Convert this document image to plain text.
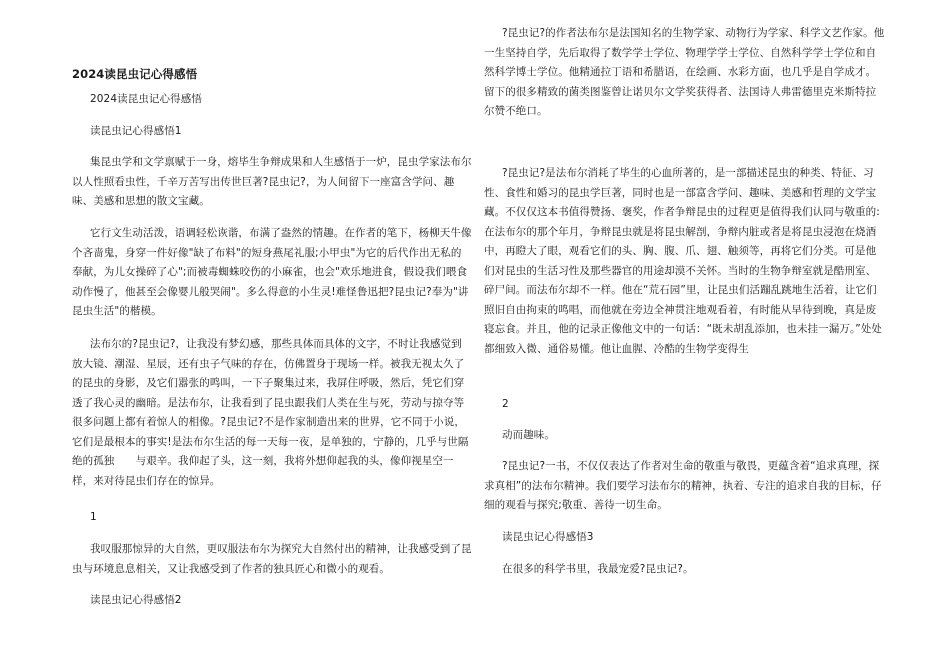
2024读昆虫记心得感悟

2024读昆虫记心得感悟

读昆虫记心得感悟1

集昆虫学和文学禀赋于一身，熔毕生争辩成果和人生感悟于一炉，昆虫学家法布尔以人性照看虫性，千辛万苦写出传世巨著?昆虫记?，为人间留下一座富含学问、趣味、美感和思想的散文宝藏。

它行文生动活泼，语调轻松诙谐，布满了盎然的情趣。在作者的笔下，杨柳天牛像个吝啬鬼，身穿一件好像"缺了布料"的短身燕尾礼服;小甲虫"为它的后代作出无私的奉献，为儿女操碎了心";而被毒蜘蛛咬伤的小麻雀，也会"欢乐地进食，假设我们喂食动作慢了，他甚至会像婴儿般哭闹"。多么得意的小生灵!难怪鲁迅把?昆虫记?奉为"讲昆虫生活"的楷模。

法布尔的?昆虫记?，让我没有梦幻感，那些具体而具体的文字，不时让我感觉到放大镜、潮湿、星辰，还有虫子气味的存在，仿佛置身于现场一样。被我无视太久了的昆虫的身影，及它们嚣张的鸣叫，一下子聚集过来，我屏住呼吸，然后，凭它们穿透了我心灵的幽暗。是法布尔，让我看到了昆虫跟我们人类在生与死，劳动与掠夺等很多问题上都有着惊人的相像。?昆虫记?不是作家制造出来的世界，它不同于小说，它们是最根本的事实!是法布尔生活的每一天每一夜，是单独的，宁静的，几乎与世隔绝的孤独　　与艰辛。我仰起了头，这一刻，我将外想仰起我的头，像仰视星空一样，来对待昆虫们存在的惊异。

1

我叹服那惊异的大自然，更叹服法布尔为探究大自然付出的精神，让我感受到了昆虫与环境息息相关，又让我感受到了作者的独具匠心和微小的观看。

读昆虫记心得感悟2

?昆虫记?的作者法布尔是法国知名的生物学家、动物行为学家、科学文艺作家。他一生坚持自学，先后取得了数学学士学位、物理学学士学位、自然科学学士学位和自然科学博士学位。他精通拉丁语和希腊语，在绘画、水彩方面，也几乎是自学成才。留下的很多精致的菌类图鉴曾让诺贝尔文学奖获得者、法国诗人弗雷德里克米斯特拉尔赞不绝口。

?昆虫记?是法布尔消耗了毕生的心血所著的，是一部描述昆虫的种类、特征、习性、食性和婚习的昆虫学巨著，同时也是一部富含学问、趣味、美感和哲理的文学宝藏。不仅仅这本书值得赞扬、褒奖，作者争辩昆虫的过程更是值得我们认同与敬重的:在法布尔的那个年月，争辩昆虫就是将昆虫解剖，争辩内脏或者是将昆虫浸泡在烧酒中，再瞪大了眼，观看它们的头、胸、腹、爪、翅、触须等，再将它们分类。可是他们对昆虫的生活习性及那些器官的用途却漠不关怀。当时的生物争辩室就是酷刑室、碎尸间。而法布尔却不一样。他在“荒石园”里，让昆虫们活蹦乱跳地生活着，让它们照旧自由拘束的鸣唱，而他就在旁边全神贯注地观看着，有时能从早待到晚，真是废寝忘食。并且，他的记录正像他文中的一句话：“既未胡乱添加，也未挂一漏万。”处处都细致入微、通俗易懂。他让血腥、冷酷的生物学变得生

2

动而趣味。

?昆虫记?一书，不仅仅表达了作者对生命的敬重与敬畏，更蕴含着“追求真理，探求真相”的法布尔精神。我们要学习法布尔的精神，执着、专注的追求自我的目标，仔细的观看与探究;敬重、善待一切生命。

读昆虫记心得感悟3

在很多的科学书里，我最宠爱?昆虫记?。
